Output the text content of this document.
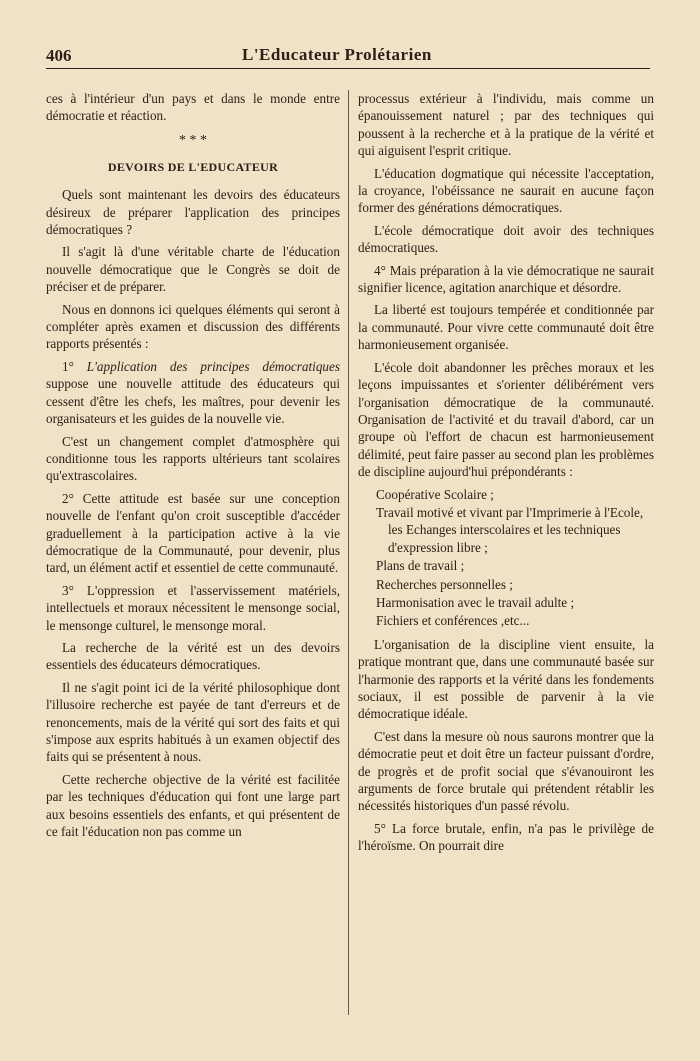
406	L'Educateur Prolétarien

ces à l'intérieur d'un pays et dans le monde entre démocratie et réaction.

* * *
DEVOIRS DE L'EDUCATEUR

Quels sont maintenant les devoirs des éducateurs désireux de préparer l'application des principes démocratiques ?

Il s'agit là d'une véritable charte de l'éducation nouvelle démocratique que le Congrès se doit de préciser et de préparer.

Nous en donnons ici quelques éléments qui seront à compléter après examen et discussion des différents rapports présentés :

1° L'application des principes démocratiques suppose une nouvelle attitude des éducateurs qui cessent d'être les chefs, les maîtres, pour devenir les organisateurs et les guides de la nouvelle vie.

C'est un changement complet d'atmosphère qui conditionne tous les rapports ultérieurs tant scolaires qu'extrascolaires.

2° Cette attitude est basée sur une conception nouvelle de l'enfant qu'on croit susceptible d'accéder graduellement à la participation active à la vie démocratique de la Communauté, pour devenir, plus tard, un élément actif et essentiel de cette communauté.

3° L'oppression et l'asservissement matériels, intellectuels et moraux nécessitent le mensonge social, le mensonge culturel, le mensonge moral.

La recherche de la vérité est un des devoirs essentiels des éducateurs démocratiques.

Il ne s'agit point ici de la vérité philosophique dont l'illusoire recherche est payée de tant d'erreurs et de renoncements, mais de la vérité qui sort des faits et qui s'impose aux esprits habitués à un examen objectif des faits qui se présentent à nous.

Cette recherche objective de la vérité est facilitée par les techniques d'éducation qui font une large part aux besoins essentiels des enfants, et qui présentent de ce fait l'éducation non pas comme un

processus extérieur à l'individu, mais comme un épanouissement naturel ; par des techniques qui poussent à la recherche et à la pratique de la vérité et qui aiguisent l'esprit critique.

L'éducation dogmatique qui nécessite l'acceptation, la croyance, l'obéissance ne saurait en aucune façon former des générations démocratiques.

L'école démocratique doit avoir des techniques démocratiques.

4° Mais préparation à la vie démocratique ne saurait signifier licence, agitation anarchique et désordre.

La liberté est toujours tempérée et conditionnée par la communauté. Pour vivre cette communauté doit être harmonieusement organisée.

L'école doit abandonner les prêches moraux et les leçons impuissantes et s'orienter délibérément vers l'organisation démocratique de la communauté. Organisation de l'activité et du travail d'abord, car un groupe où l'effort de chacun est harmonieusement délimité, peut faire passer au second plan les problèmes de discipline aujourd'hui prépondérants :

Coopérative Scolaire ;
Travail motivé et vivant par l'Imprimerie à l'Ecole, les Echanges interscolaires et les techniques d'expression libre ;
Plans de travail ;
Recherches personnelles ;
Harmonisation avec le travail adulte ;
Fichiers et conférences ,etc...

L'organisation de la discipline vient ensuite, la pratique montrant que, dans une communauté basée sur l'harmonie des rapports et la vérité dans les fondements sociaux, il est possible de parvenir à la vie démocratique idéale.

C'est dans la mesure où nous saurons montrer que la démocratie peut et doit être un facteur puissant d'ordre, de progrès et de profit social que s'évanouiront les arguments de force brutale qui prétendent rétablir les nécessités historiques d'un passé révolu.

5° La force brutale, enfin, n'a pas le privilège de l'héroïsme. On pourrait dire
